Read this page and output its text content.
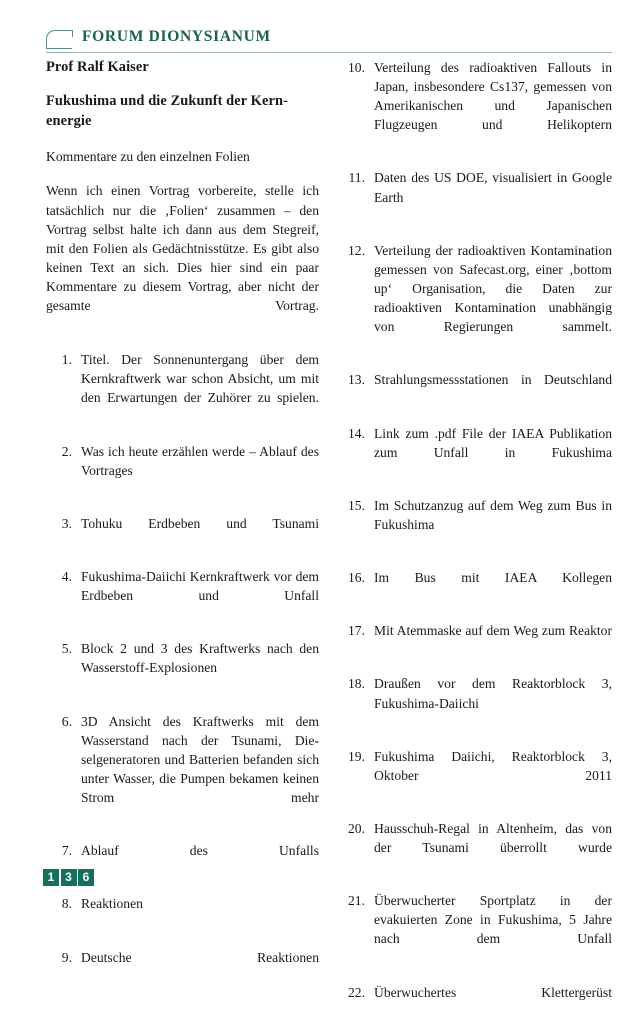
FORUM DIONYSIANUM
Prof Ralf Kaiser
Fukushima und die Zukunft der Kern-
energie
Kommentare zu den einzelnen Folien

Wenn ich einen Vortrag vorbereite, stelle ich tatsächlich nur die ‚Folien‘ zusammen – den Vortrag selbst halte ich dann aus dem Stegreif, mit den Folien als Gedächtnisstütze. Es gibt also keinen Text an sich. Dies hier sind ein paar Kommentare zu diesem Vortrag, aber nicht der gesamte Vortrag.

1. Titel. Der Sonnenuntergang über dem Kernkraftwerk war schon Absicht, um mit den Erwartungen der Zuhörer zu spielen.
2. Was ich heute erzählen werde – Ablauf des Vortrages
3. Tohuku Erdbeben und Tsunami
4. Fukushima-Daiichi Kernkraftwerk vor dem Erdbeben und Unfall
5. Block 2 und 3 des Kraftwerks nach den Wasserstoff-Explosionen
6. 3D Ansicht des Kraftwerks mit dem Wasserstand nach der Tsunami, Dieselgeneratoren und Batterien befanden sich unter Wasser, die Pumpen bekamen keinen Strom mehr
7. Ablauf des Unfalls
8. Reaktionen
9. Deutsche Reaktionen
10. Verteilung des radioaktiven Fallouts in Japan, insbesondere Cs137, gemessen von Amerikanischen und Japanischen Flugzeugen und Helikoptern
11. Daten des US DOE, visualisiert in Google Earth
12. Verteilung der radioaktiven Kontamination gemessen von Safecast.org, einer ‚bottom up‘ Organisation, die Daten zur radioaktiven Kontamination unabhängig von Regierungen sammelt.
13. Strahlungsmessstationen in Deutschland
14. Link zum .pdf File der IAEA Publikation zum Unfall in Fukushima
15. Im Schutzanzug auf dem Weg zum Bus in Fukushima
16. Im Bus mit IAEA Kollegen
17. Mit Atemmaske auf dem Weg zum Reaktor
18. Draußen vor dem Reaktorblock 3, Fukushima-Daiichi
19. Fukushima Daiichi, Reaktorblock 3, Oktober 2011
20. Hausschuh-Regal in Altenheim, das von der Tsunami überrollt wurde
21. Überwucherter Sportplatz in der evakuierten Zone in Fukushima, 5 Jahre nach dem Unfall
22. Überwuchertes Klettergerüst
1 3 6
